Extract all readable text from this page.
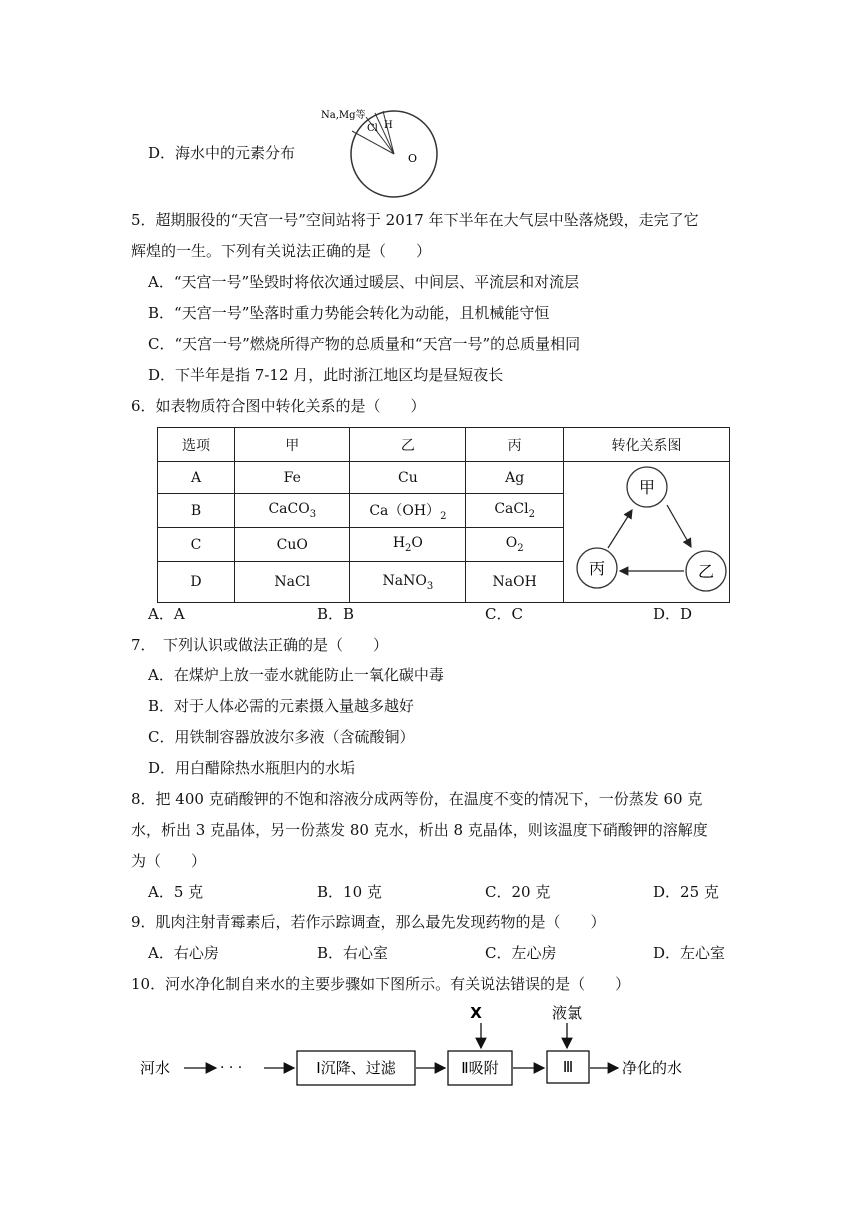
D．海水中的元素分布
Na,Mg等
Cl H
O
5．超期服役的“天宫一号”空间站将于 2017 年下半年在大气层中坠落烧毁，走完了它
辉煌的一生。下列有关说法正确的是（　　）
A．“天宫一号”坠毁时将依次通过暖层、中间层、平流层和对流层
B．“天宫一号”坠落时重力势能会转化为动能，且机械能守恒
C．“天宫一号”燃烧所得产物的总质量和“天宫一号”的总质量相同
D．下半年是指 7-12 月，此时浙江地区均是昼短夜长
6．如表物质符合图中转化关系的是（　　）
选项	甲	乙	丙	转化关系图
A	Fe	Cu	Ag	甲
乙
丙

B	CaCO$_3$	$Ca(OH)_2$	CaCl$_2$
C	CuO	$H_2O$	$O_2$
D	NaCl	NaNO$_3$	NaOH	
A．A	B．B	C．C	D．D
7．　下列认识或做法正确的是（　　）
A．在煤炉上放一壶水就能防止一氧化碳中毒
B．对于人体必需的元素摄入量越多越好
C．用铁制容器放波尔多液（含硫酸铜）
D．用白醋除热水瓶胆内的水垢
8．把 400 克硝酸钾的不饱和溶液分成两等份，在温度不变的情况下，一份蒸发 60 克
水，析出 3 克晶体，另一份蒸发 80 克水，析出 8 克晶体，则该温度下硝酸钾的溶解度
为（　　）
A．5 克	B．10 克	C．20 克	D．25 克
9．肌肉注射青霉素后，若作示踪调查，那么最先发现药物的是（　　）
A．右心房	B．右心室	C．左心房	D．左心室
10．河水净化制自来水的主要步骤如下图所示。有关说法错误的是（　　）
河水	· · ·	Ⅰ沉降、过滤	Ⅱ吸附
X
Ⅲ
液氯
净化的水
